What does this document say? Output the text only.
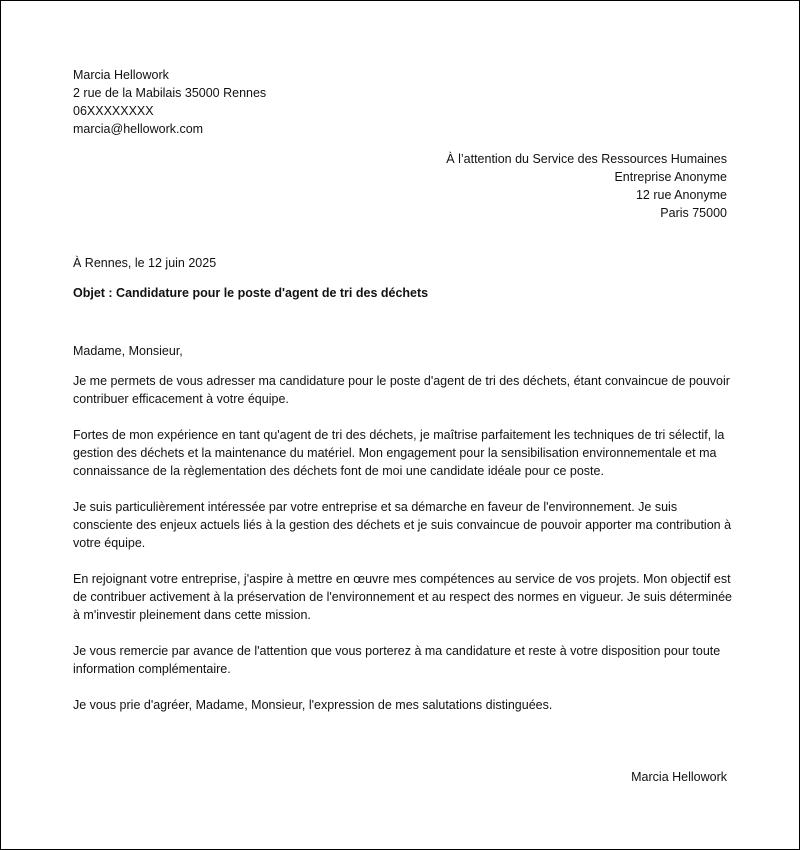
Marcia Hellowork
2 rue de la Mabilais 35000 Rennes
06XXXXXXXX
marcia@hellowork.com
À l’attention du Service des Ressources Humaines
Entreprise Anonyme
12 rue Anonyme
Paris 75000
À Rennes, le 12 juin 2025
Objet : Candidature pour le poste d'agent de tri des déchets
Madame, Monsieur,

Je me permets de vous adresser ma candidature pour le poste d'agent de tri des déchets, étant convaincue de pouvoir contribuer efficacement à votre équipe.

Fortes de mon expérience en tant qu'agent de tri des déchets, je maîtrise parfaitement les techniques de tri sélectif, la gestion des déchets et la maintenance du matériel. Mon engagement pour la sensibilisation environnementale et ma connaissance de la règlementation des déchets font de moi une candidate idéale pour ce poste.

Je suis particulièrement intéressée par votre entreprise et sa démarche en faveur de l'environnement. Je suis consciente des enjeux actuels liés à la gestion des déchets et je suis convaincue de pouvoir apporter ma contribution à votre équipe.

En rejoignant votre entreprise, j'aspire à mettre en œuvre mes compétences au service de vos projets. Mon objectif est de contribuer activement à la préservation de l'environnement et au respect des normes en vigueur. Je suis déterminée à m'investir pleinement dans cette mission.

Je vous remercie par avance de l'attention que vous porterez à ma candidature et reste à votre disposition pour toute information complémentaire.

Je vous prie d'agréer, Madame, Monsieur, l'expression de mes salutations distinguées.

Marcia Hellowork
